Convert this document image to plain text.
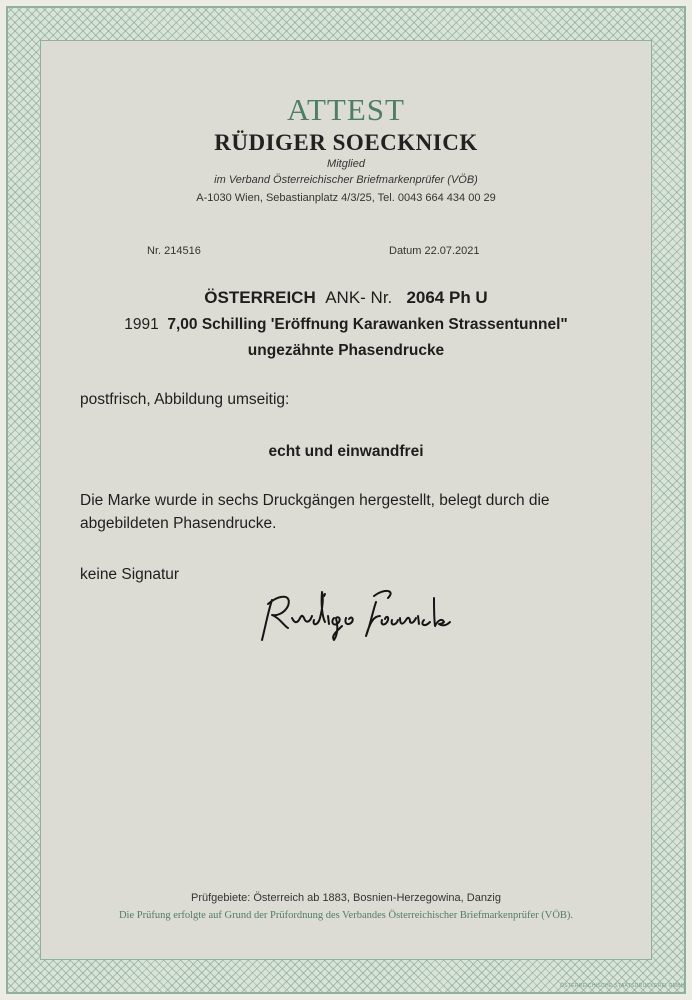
ATTEST
RÜDIGER SOECKNICK
Mitglied
im Verband Österreichischer Briefmarkenprüfer (VÖB)
A-1030 Wien, Sebastianplatz 4/3/25, Tel. 0043 664 434 00 29
Nr. 214516	Datum 22.07.2021
ÖSTERREICH ANK- Nr. 2064 Ph U
1991 7,00 Schilling 'Eröffnung Karawanken Strassentunnel"
ungezähnte Phasendrucke
postfrisch, Abbildung umseitig:
echt und einwandfrei
Die Marke wurde in sechs Druckgängen hergestellt, belegt durch die
abgebildeten Phasendrucke.
keine Signatur
Prüfgebiete: Österreich ab 1883, Bosnien-Herzegowina, Danzig
Die Prüfung erfolgte auf Grund der Prüfordnung des Verbandes Österreichischer Briefmarkenprüfer (VÖB).
ÖSTERREICHISCHE STAATSDRUCKEREI GMBH
